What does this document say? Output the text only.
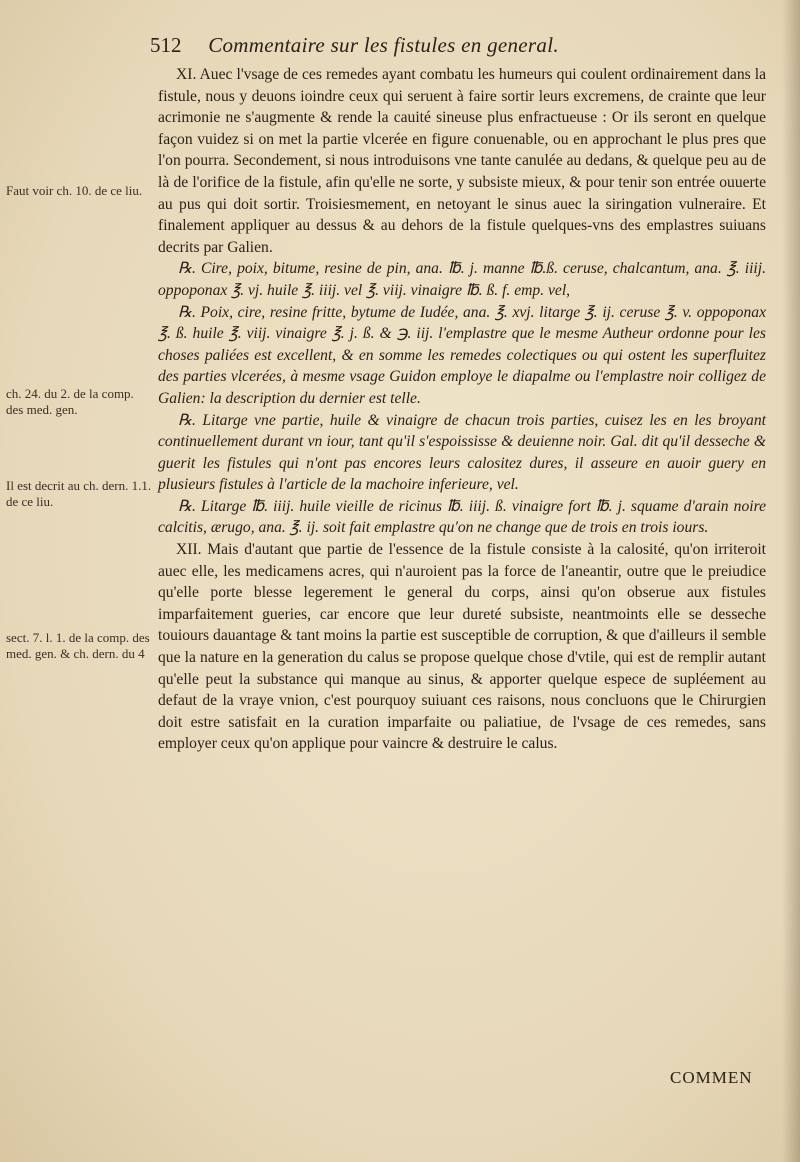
512 Commentaire sur les fistules en general.
Faut voir ch. 10. de ce liu.
ch. 24. du 2. de la comp. des med. gen.
Il est decrit au ch. dern. 1.1. de ce liu.
sect. 7. l. 1. de la comp. des med. gen. & ch. dern. du 4

XI. Auec l'vsage de ces remedes ayant combatu les humeurs qui coulent ordinairement dans la fistule, nous y deuons ioindre ceux qui seruent à faire sortir leurs excremens, de crainte que leur acrimonie ne s'augmente & rende la cauité sineuse plus enfractueuse : Or ils seront en quelque façon vuidez si on met la partie vlcerée en figure conuenable, ou en approchant le plus pres que l'on pourra. Secondement, si nous introduisons vne tante canulée au dedans, & quelque peu au de là de l'orifice de la fistule, afin qu'elle ne sorte, y subsiste mieux, & pour tenir son entrée ouuerte au pus qui doit sortir. Troisiesmement, en netoyant le sinus auec la siringation vulneraire. Et finalement appliquer au dessus & au dehors de la fistule quelques-vns des emplastres suiuans decrits par Galien.

℞. Cire, poix, bitume, resine de pin, ana. ℔. j. manne ℔.ß. ceruse, chalcantum, ana. ℥. iiij. oppoponax ℥. vj. huile ℥. iiij. vel ℥. viij. vinaigre ℔. ß. f. emp. vel,

℞. Poix, cire, resine fritte, bytume de Iudée, ana. ℥. xvj. litarge ℥. ij. ceruse ℥. v. oppoponax ℥. ß. huile ℥. viij. vinaigre ℥. j. ß. & ℈. iij. l'emplastre que le mesme Autheur ordonne pour les choses paliées est excellent, & en somme les remedes colectiques ou qui ostent les superfluitez des parties vlcerées, à mesme vsage Guidon employe le diapalme ou l'emplastre noir colligez de Galien: la description du dernier est telle.

℞. Litarge vne partie, huile & vinaigre de chacun trois parties, cuisez les en les broyant continuellement durant vn iour, tant qu'il s'espoississe & deuienne noir. Gal. dit qu'il desseche & guerit les fistules qui n'ont pas encores leurs calositez dures, il asseure en auoir guery en plusieurs fistules à l'article de la machoire inferieure, vel.

℞. Litarge ℔. iiij. huile vieille de ricinus ℔. iiij. ß. vinaigre fort ℔. j. squame d'arain noire calcitis, ærugo, ana. ℥. ij. soit fait emplastre qu'on ne change que de trois en trois iours.

XII. Mais d'autant que partie de l'essence de la fistule consiste à la calosité, qu'on irriteroit auec elle, les medicamens acres, qui n'auroient pas la force de l'aneantir, outre que le preiudice qu'elle porte blesse legerement le general du corps, ainsi qu'on obserue aux fistules imparfaitement gueries, car encore que leur dureté subsiste, neantmoints elle se desseche touiours dauantage & tant moins la partie est susceptible de corruption, & que d'ailleurs il semble que la nature en la generation du calus se propose quelque chose d'vtile, qui est de remplir autant qu'elle peut la substance qui manque au sinus, & apporter quelque espece de supléement au defaut de la vraye vnion, c'est pourquoy suiuant ces raisons, nous concluons que le Chirurgien doit estre satisfait en la curation imparfaite ou paliatiue, de l'vsage de ces remedes, sans employer ceux qu'on applique pour vaincre & destruire le calus.

COMMEN
